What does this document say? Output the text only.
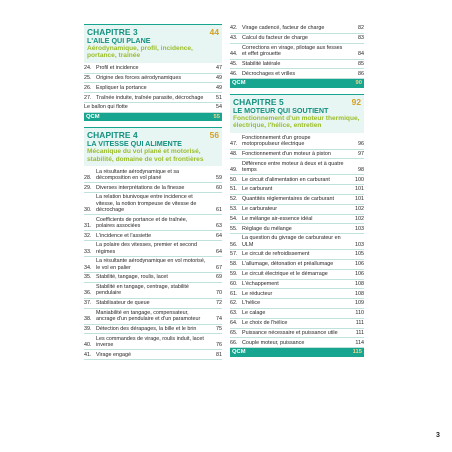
CHAPITRE 3	44
L'AILE QUI PLANE
Aérodynamique, profil, incidence, portance, traînée
24. Profil et incidence	47
25. Origine des forces aérodynamiques	49
26. Expliquer la portance	49
27. Traînée induite, traînée parasite, décrochage	51
Le ballon qui flotte	54
QCM	55
CHAPITRE 4	56
LA VITESSE QUI ALIMENTE
Mécanique du vol plané et motorisé, stabilité, domaine de vol et frontières
28.
La résultante aérodynamique et sa décomposition en vol plané	59
29. Diverses interprétations de la finesse	60
30.
La relation biunivoque entre incidence et vitesse, la notion trompeuse de vitesse de décrochage	61
31.
Coefficients de portance et de traînée, polaires associées	63
32. L'incidence et l'assiette	64
33.
La polaire des vitesses, premier et second régimes	64
34.
La résultante aérodynamique en vol motorisé, le vol en palier	67
35. Stabilité, tangage, roulis, lacet	69
36.
Stabilité en tangage, centrage, stabilité pendulaire	70
37. Stabilisateur de queue	72
38.
Maniabilité en tangage, compensateur, ancrage d'un pendulaire et d'un paramoteur	74
39. Détection des dérapages, la bille et le brin	75
40.
Les commandes de virage, roulis induit, lacet inverse	76
41. Virage engagé	81
42. Virage cadencé, facteur de charge	82
43. Calcul du facteur de charge	83
44.
Corrections en virage, pilotage aux fesses et effet girouette	84
45. Stabilité latérale	85
46. Décrochages et vrilles	86
QCM	90
CHAPITRE 5	92
LE MOTEUR QUI SOUTIENT
Fonctionnement d'un moteur thermique, électrique, l'hélice, entretien
47.
Fonctionnement d'un groupe motopropulseur électrique	96
48. Fonctionnement d'un moteur à piston	97
49.
Différence entre moteur à deux et à quatre temps	98
50. Le circuit d'alimentation en carburant	100
51. Le carburant	101
52. Quantités réglementaires de carburant	101
53. Le carburateur	102
54. Le mélange air-essence idéal	102
55. Réglage du mélange	103
56.
La question du givrage de carburateur en ULM	103
57. Le circuit de refroidissement	105
58. L'allumage, détonation et préallumage	106
59. Le circuit électrique et le démarrage	106
60. L'échappement	108
61. Le réducteur	108
62. L'hélice	109
63. Le calage	110
64. Le choix de l'hélice	111
65. Puissance nécessaire et puissance utile	111
66. Couple moteur, puissance	114
QCM	115
3
